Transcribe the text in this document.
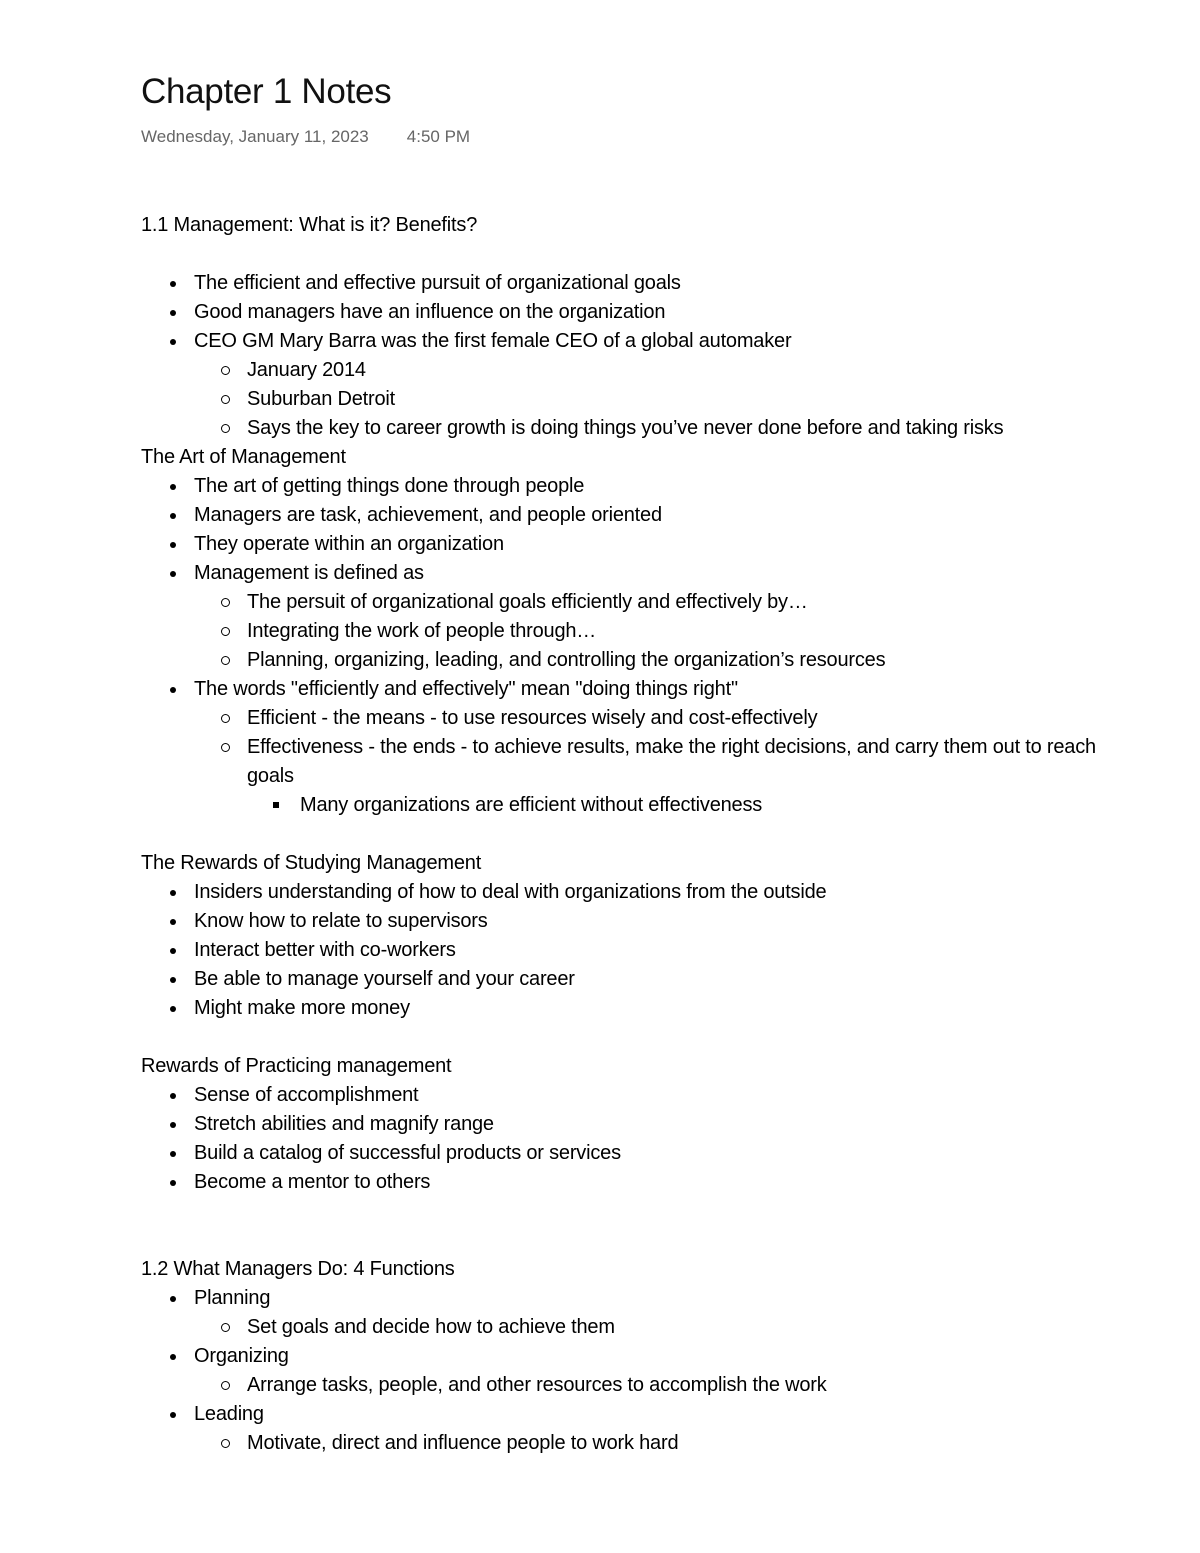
Chapter 1 Notes
Wednesday, January 11, 2023 4:50 PM

1.1 Management: What is it? Benefits?

The efficient and effective pursuit of organizational goals
Good managers have an influence on the organization
CEO GM Mary Barra was the first female CEO of a global automaker
January 2014
Suburban Detroit
Says the key to career growth is doing things you’ve never done before and taking risks

The Art of Management

The art of getting things done through people
Managers are task, achievement, and people oriented
They operate within an organization
Management is defined as
The persuit of organizational goals efficiently and effectively by…
Integrating the work of people through…
Planning, organizing, leading, and controlling the organization’s resources
The words "efficiently and effectively" mean "doing things right"
Efficient - the means - to use resources wisely and cost-effectively
Effectiveness - the ends - to achieve results, make the right decisions, and carry them out to reach goals
Many organizations are efficient without effectiveness

The Rewards of Studying Management

Insiders understanding of how to deal with organizations from the outside
Know how to relate to supervisors
Interact better with co-workers
Be able to manage yourself and your career
Might make more money

Rewards of Practicing management

Sense of accomplishment
Stretch abilities and magnify range
Build a catalog of successful products or services
Become a mentor to others

1.2 What Managers Do: 4 Functions

Planning
Set goals and decide how to achieve them
Organizing
Arrange tasks, people, and other resources to accomplish the work
Leading
Motivate, direct and influence people to work hard
